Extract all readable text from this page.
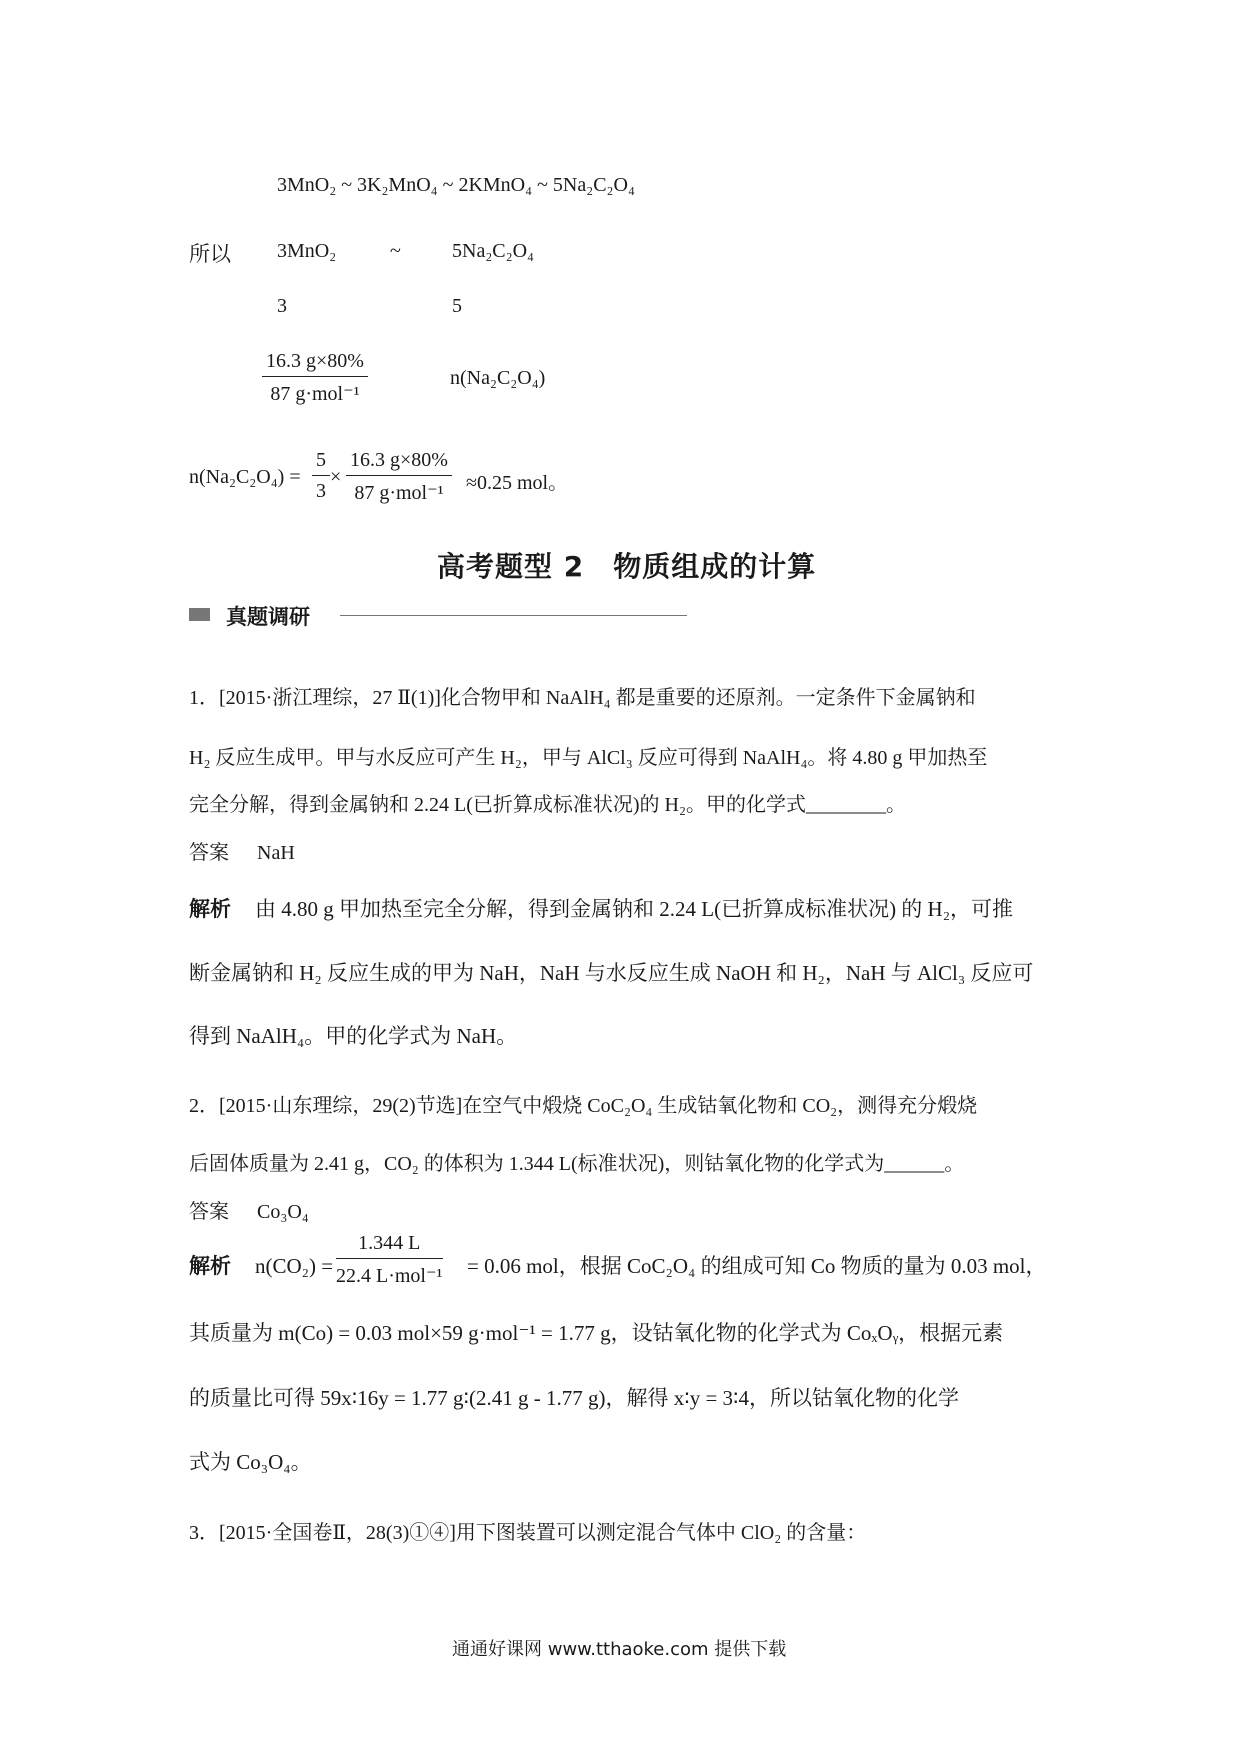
3MnO₂ ~ 3K₂MnO₄ ~ 2KMnO₄ ~ 5Na₂C₂O₄
所以 3MnO₂	~	5Na₂C₂O₄
3	5
16.3 g×80%
87 g·mol⁻¹
n(Na₂C₂O₄)
$n(Na_2C_2O_4) = \frac{5}{3}$ ×
16.3 g×80%
87 g·mol⁻¹	≈0.25 mol。
高考题型 2　物质组成的计算
真题调研
1．[2015·浙江理综，27 Ⅱ(1)]化合物甲和 NaAlH₄ 都是重要的还原剂。一定条件下金属钠和
H₂ 反应生成甲。甲与水反应可产生 H₂，甲与 AlCl₃ 反应可得到 NaAlH₄。将 4.80 g 甲加热至
完全分解，得到金属钠和 2.24 L(已折算成标准状况)的 H₂。甲的化学式________。
答案 NaH
解析 由 4.80 g 甲加热至完全分解，得到金属钠和 2.24 L(已折算成标准状况) 的 H₂，可推
断金属钠和 H₂ 反应生成的甲为 NaH，NaH 与水反应生成 NaOH 和 H₂，NaH 与 AlCl₃ 反应可
得到 NaAlH₄。甲的化学式为 NaH。
2．[2015·山东理综，29(2)节选]在空气中煅烧 CoC₂O₄ 生成钴氧化物和 CO₂，测得充分煅烧
后固体质量为 2.41 g，CO₂ 的体积为 1.344 L(标准状况)，则钴氧化物的化学式为______。
答案 Co₃O₄
解析 n(CO₂) =
1.344 L
22.4 L·mol⁻¹ = 0.06 mol，根据 CoC₂O₄ 的组成可知 Co 物质的量为 0.03 mol，
其质量为 m(Co) = 0.03 mol×59 g·mol⁻¹ = 1.77 g，设钴氧化物的化学式为 CoₓOᵧ，根据元素
的质量比可得 59x∶16y = 1.77 g∶(2.41 g - 1.77 g)，解得 x∶y = 3∶4，所以钴氧化物的化学
式为 Co₃O₄。
3．[2015·全国卷Ⅱ，28(3)①④]用下图装置可以测定混合气体中 ClO₂ 的含量：
通通好课网 www.tthaoke.com 提供下载
